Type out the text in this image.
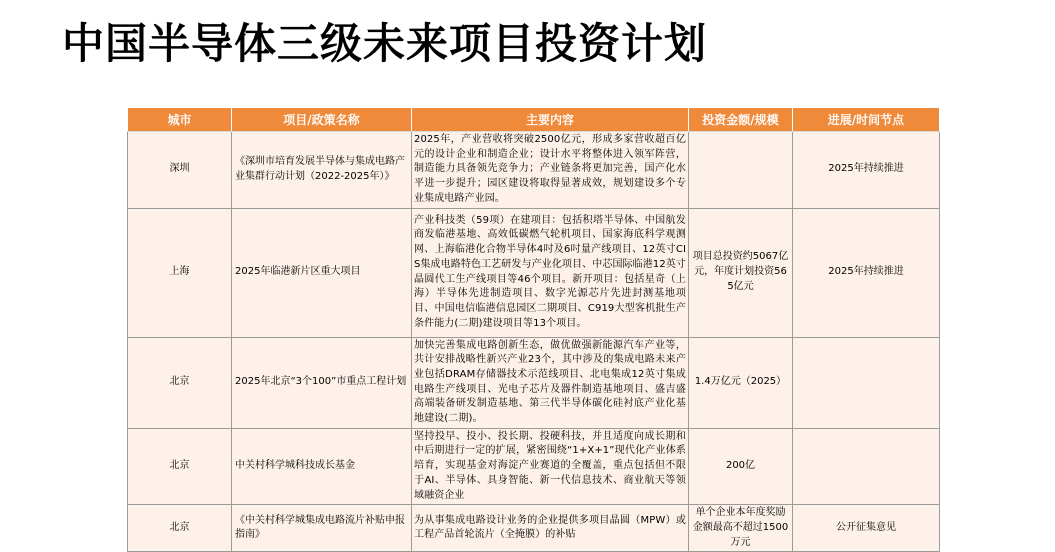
中国半导体三级未来项目投资计划
城市	项目/政策名称	主要内容	投资金额/规模	进展/时间节点
深圳	《深圳市培育发展半导体与集成电路产业集群行动计划（2022-2025年）》	2025年，产业营收将突破2500亿元，形成多家营收超百亿元的设计企业和制造企业；设计水平将整体进入领军阵营，制造能力具备领先竞争力；产业链条将更加完善，国产化水平进一步提升；园区建设将取得显著成效，规划建设多个专业集成电路产业园。		2025年持续推进
上海	2025年临港新片区重大项目	产业科技类（59项）在建项目：包括积塔半导体、中国航发商发临港基地、高效低碳燃气轮机项目、国家海底科学观测网、上海临港化合物半导体4吋及6吋量产线项目、12英寸CIS集成电路特色工艺研发与产业化项目、中芯国际临港12英寸晶圆代工生产线项目等46个项目。新开项目：包括星奇（上海）半导体先进制造项目、数字光源芯片先进封测基地项目、中国电信临港信息园区二期项目、C919大型客机批生产条件能力(二期)建设项目等13个项目。	项目总投资约5067亿元，年度计划投资565亿元	2025年持续推进
北京	2025年北京“3个100”市重点工程计划	加快完善集成电路创新生态，做优做强新能源汽车产业等，共计安排战略性新兴产业23个，其中涉及的集成电路未来产业包括DRAM存储器技术示范线项目、北电集成12英寸集成电路生产线项目、光电子芯片及器件制造基地项目、盛吉盛高端装备研发制造基地、第三代半导体碳化硅衬底产业化基地建设(二期)。	1.4万亿元（2025）	
北京	中关村科学城科技成长基金	坚持投早、投小、投长期、投硬科技，并且适度向成长期和中后期进行一定的扩展，紧密围绕“1+X+1”现代化产业体系培育，实现基金对海淀产业赛道的全覆盖，重点包括但不限于AI、半导体、具身智能、新一代信息技术、商业航天等领域融资企业	200亿	
北京	《中关村科学城集成电路流片补贴申报指南》	为从事集成电路设计业务的企业提供多项目晶圆（MPW）或工程产品首轮流片（全掩膜）的补贴	单个企业本年度奖励金额最高不超过1500万元	公开征集意见
